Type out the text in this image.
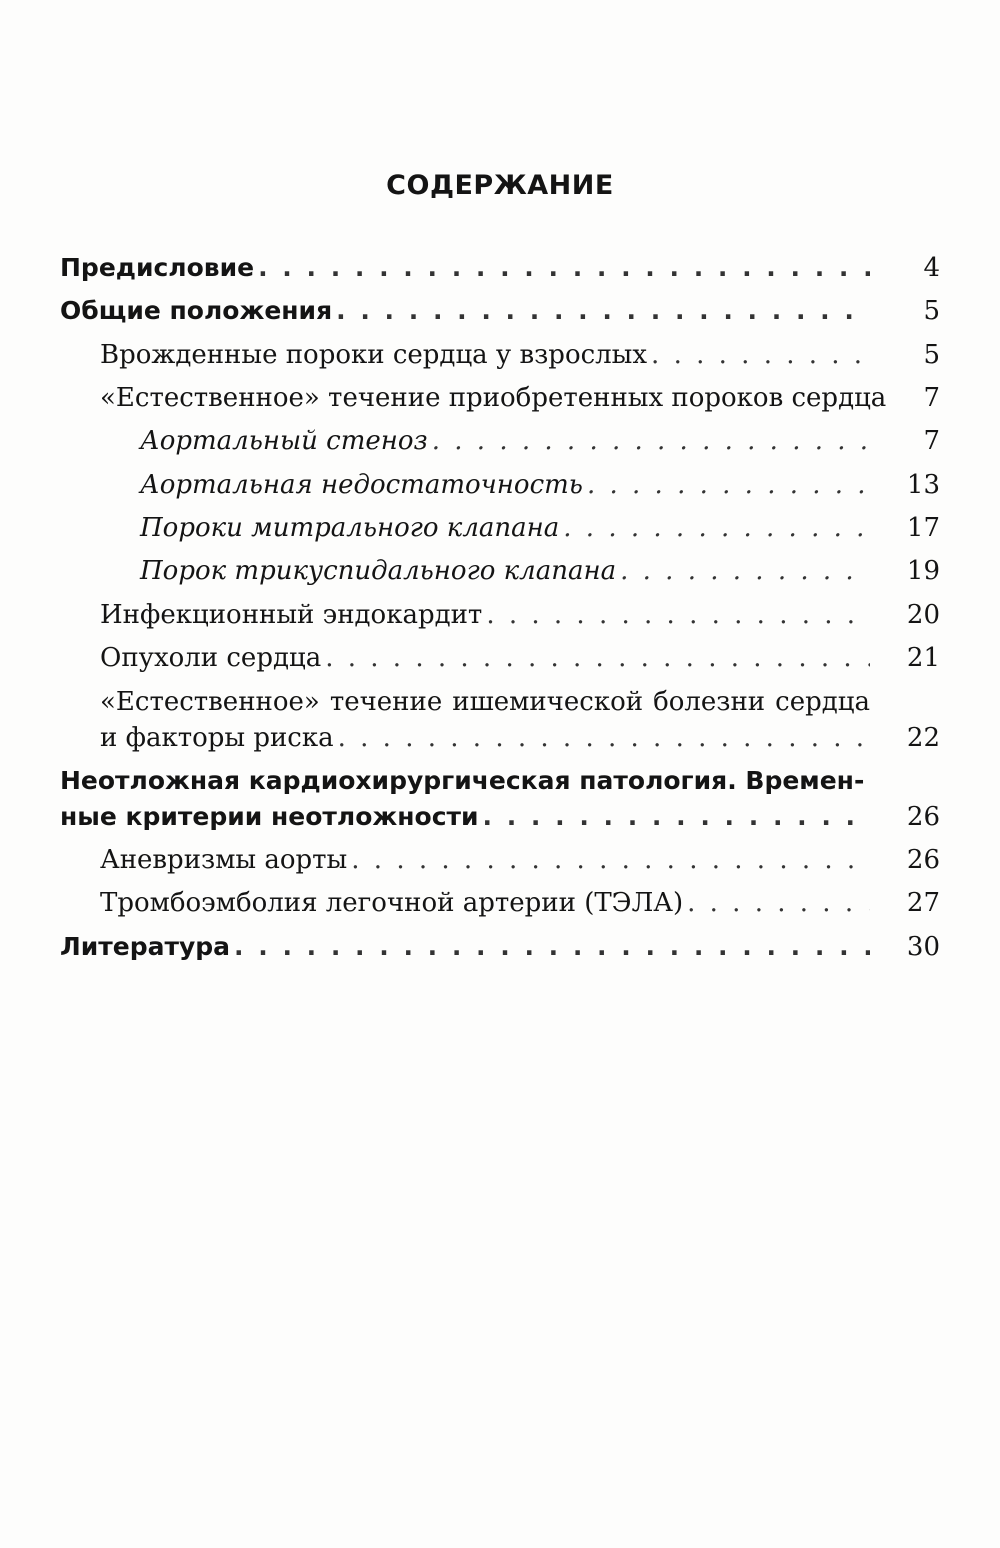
СОДЕРЖАНИЕ
Предисловие . . .	4
Общие положения . . .	5
Врожденные пороки сердца у взрослых . . .	5
«Естественное» течение приобретенных пороков сердца	7
Аортальный стеноз . . .	7
Аортальная недостаточность . . .	13
Пороки митрального клапана . . .	17
Порок трикуспидального клапана . . .	19
Инфекционный эндокардит . . .	20
Опухоли сердца . . .	21
«Естественное» течение ишемической болезни сердца
и факторы риска . . .	22
Неотложная кардиохирургическая патология. Времен-
ные критерии неотложности . . .	26
Аневризмы аорты . . .	26
Тромбоэмболия легочной артерии (ТЭЛА) . . .	27
Литература . . .	30
